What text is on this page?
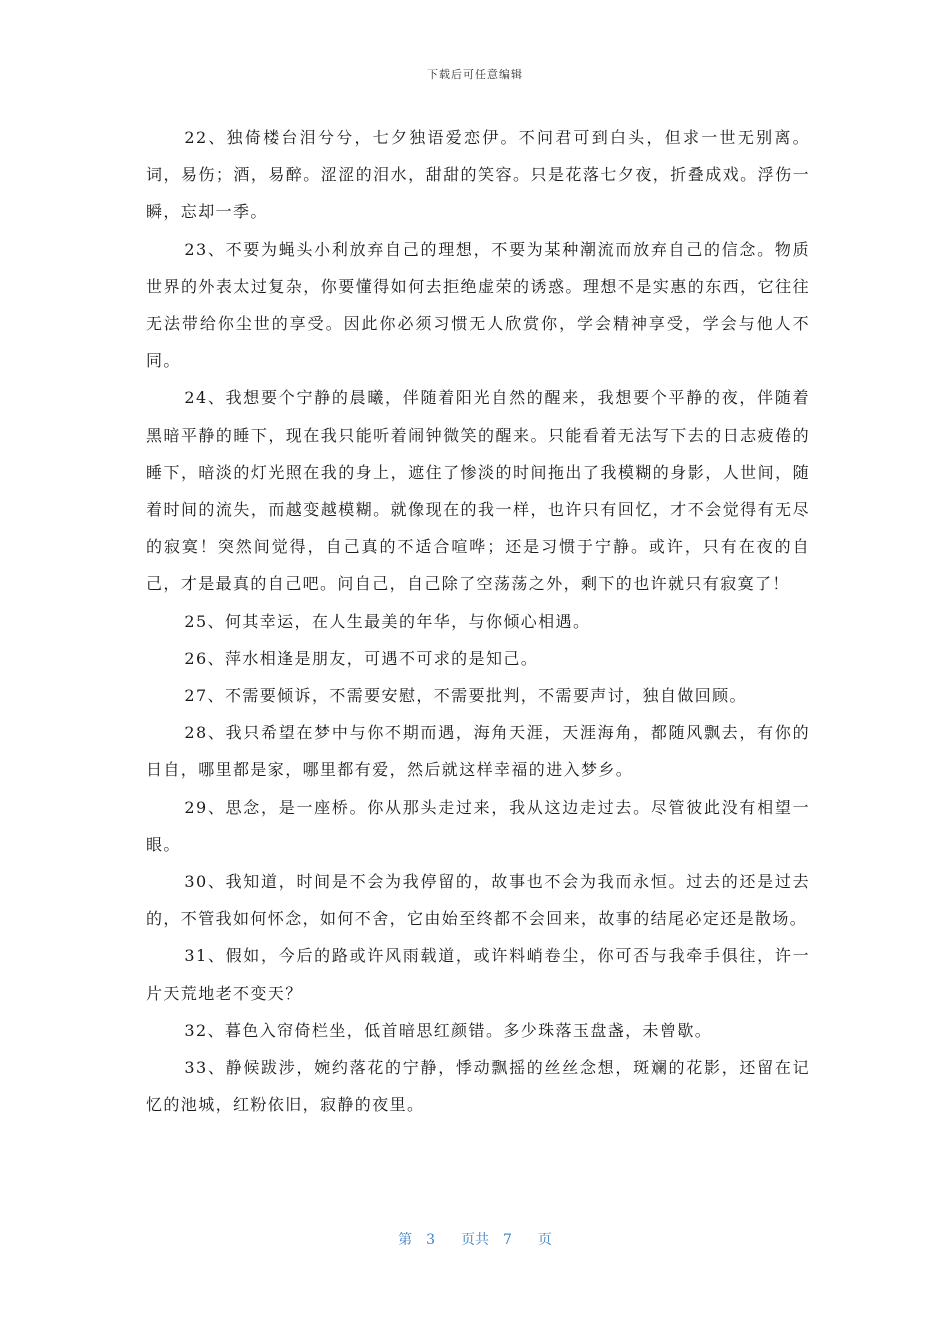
下载后可任意编辑

22、独倚楼台泪兮兮，七夕独语爱恋伊。不问君可到白头，但求一世无别离。词，易伤；酒，易醉。涩涩的泪水，甜甜的笑容。只是花落七夕夜，折叠成戏。浮伤一瞬，忘却一季。

23、不要为蝇头小利放弃自己的理想，不要为某种潮流而放弃自己的信念。物质世界的外表太过复杂，你要懂得如何去拒绝虚荣的诱惑。理想不是实惠的东西，它往往无法带给你尘世的享受。因此你必须习惯无人欣赏你，学会精神享受，学会与他人不同。

24、我想要个宁静的晨曦，伴随着阳光自然的醒来，我想要个平静的夜，伴随着黑暗平静的睡下，现在我只能听着闹钟微笑的醒来。只能看着无法写下去的日志疲倦的睡下，暗淡的灯光照在我的身上，遮住了惨淡的时间拖出了我模糊的身影，人世间，随着时间的流失，而越变越模糊。就像现在的我一样，也许只有回忆，才不会觉得有无尽的寂寞！突然间觉得，自己真的不适合喧哗；还是习惯于宁静。或许，只有在夜的自己，才是最真的自己吧。问自己，自己除了空荡荡之外，剩下的也许就只有寂寞了！

25、何其幸运，在人生最美的年华，与你倾心相遇。

26、萍水相逢是朋友，可遇不可求的是知己。

27、不需要倾诉，不需要安慰，不需要批判，不需要声讨，独自做回顾。

28、我只希望在梦中与你不期而遇，海角天涯，天涯海角，都随风飘去，有你的日自，哪里都是家，哪里都有爱，然后就这样幸福的进入梦乡。

29、思念，是一座桥。你从那头走过来，我从这边走过去。尽管彼此没有相望一眼。

30、我知道，时间是不会为我停留的，故事也不会为我而永恒。过去的还是过去的，不管我如何怀念，如何不舍，它由始至终都不会回来，故事的结尾必定还是散场。

31、假如，今后的路或许风雨载道，或许料峭卷尘，你可否与我牵手俱往，许一片天荒地老不变天？

32、暮色入帘倚栏坐，低首暗思红颜错。多少珠落玉盘盏，未曾歇。

33、静候跋涉，婉约落花的宁静，悸动飘摇的丝丝念想，斑斓的花影，还留在记忆的池城，红粉依旧，寂静的夜里。

第 3 页共 7 页
